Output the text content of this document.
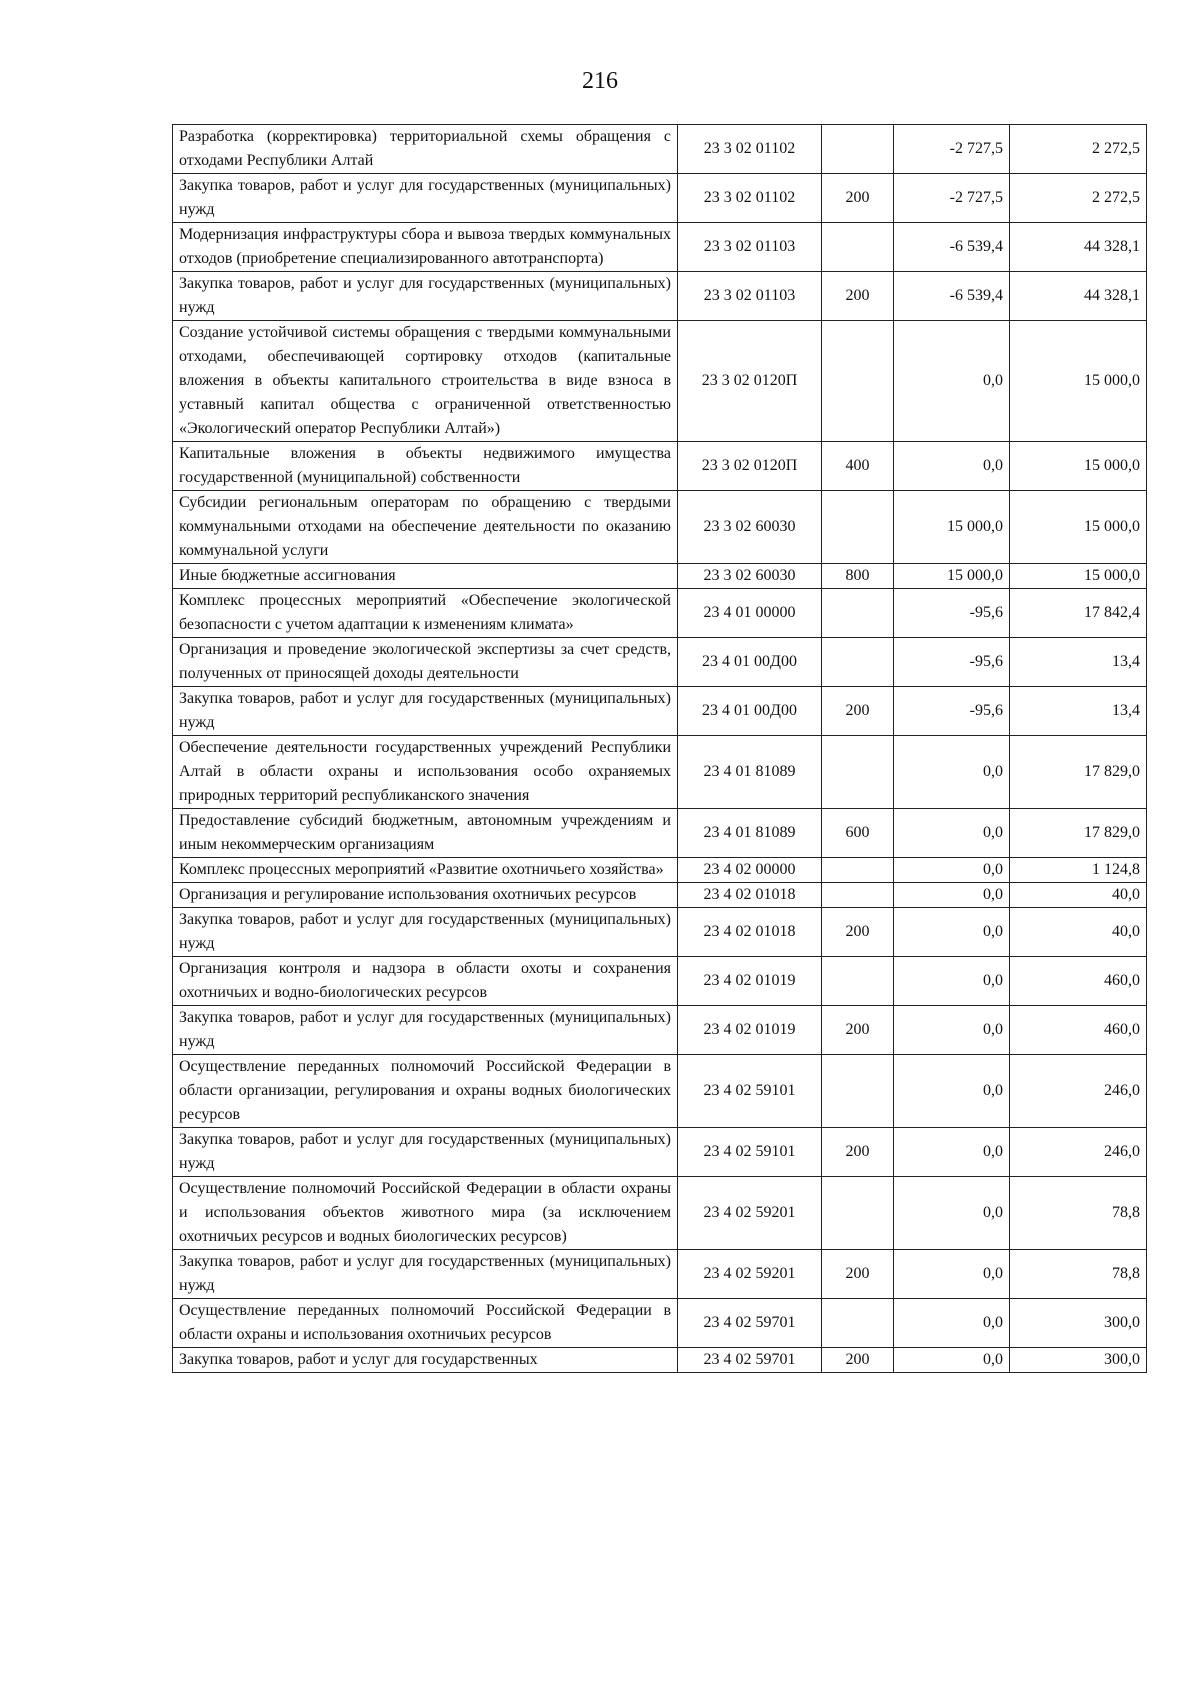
216
Разработка (корректировка) территориальной схемы обращения с отходами Республики Алтай	23 3 02 01102		-2 727,5	2 272,5
Закупка товаров, работ и услуг для государственных (муниципальных) нужд	23 3 02 01102	200	-2 727,5	2 272,5
Модернизация инфраструктуры сбора и вывоза твердых коммунальных отходов (приобретение специализированного автотранспорта)	23 3 02 01103		-6 539,4	44 328,1
Закупка товаров, работ и услуг для государственных (муниципальных) нужд	23 3 02 01103	200	-6 539,4	44 328,1
Создание устойчивой системы обращения с твердыми коммунальными отходами, обеспечивающей сортировку отходов (капитальные вложения в объекты капитального строительства в виде взноса в уставный капитал общества с ограниченной ответственностью «Экологический оператор Республики Алтай»)	23 3 02 0120П		0,0	15 000,0
Капитальные вложения в объекты недвижимого имущества государственной (муниципальной) собственности	23 3 02 0120П	400	0,0	15 000,0
Субсидии региональным операторам по обращению с твердыми коммунальными отходами на обеспечение деятельности по оказанию коммунальной услуги	23 3 02 60030		15 000,0	15 000,0
Иные бюджетные ассигнования	23 3 02 60030	800	15 000,0	15 000,0
Комплекс процессных мероприятий «Обеспечение экологической безопасности с учетом адаптации к изменениям климата»	23 4 01 00000		-95,6	17 842,4
Организация и проведение экологической экспертизы за счет средств, полученных от приносящей доходы деятельности	23 4 01 00Д00		-95,6	13,4
Закупка товаров, работ и услуг для государственных (муниципальных) нужд	23 4 01 00Д00	200	-95,6	13,4
Обеспечение деятельности государственных учреждений Республики Алтай в области охраны и использования особо охраняемых природных территорий республиканского значения	23 4 01 81089		0,0	17 829,0
Предоставление субсидий бюджетным, автономным учреждениям и иным некоммерческим организациям	23 4 01 81089	600	0,0	17 829,0
Комплекс процессных мероприятий «Развитие охотничьего хозяйства»	23 4 02 00000		0,0	1 124,8
Организация и регулирование использования охотничьих ресурсов	23 4 02 01018		0,0	40,0
Закупка товаров, работ и услуг для государственных (муниципальных) нужд	23 4 02 01018	200	0,0	40,0
Организация контроля и надзора в области охоты и сохранения охотничьих и водно-биологических ресурсов	23 4 02 01019		0,0	460,0
Закупка товаров, работ и услуг для государственных (муниципальных) нужд	23 4 02 01019	200	0,0	460,0
Осуществление переданных полномочий Российской Федерации в области организации, регулирования и охраны водных биологических ресурсов	23 4 02 59101		0,0	246,0
Закупка товаров, работ и услуг для государственных (муниципальных) нужд	23 4 02 59101	200	0,0	246,0
Осуществление полномочий Российской Федерации в области охраны и использования объектов животного мира (за исключением охотничьих ресурсов и водных биологических ресурсов)	23 4 02 59201		0,0	78,8
Закупка товаров, работ и услуг для государственных (муниципальных) нужд	23 4 02 59201	200	0,0	78,8
Осуществление переданных полномочий Российской Федерации в области охраны и использования охотничьих ресурсов	23 4 02 59701		0,0	300,0
Закупка товаров, работ и услуг для государственных	23 4 02 59701	200	0,0	300,0
